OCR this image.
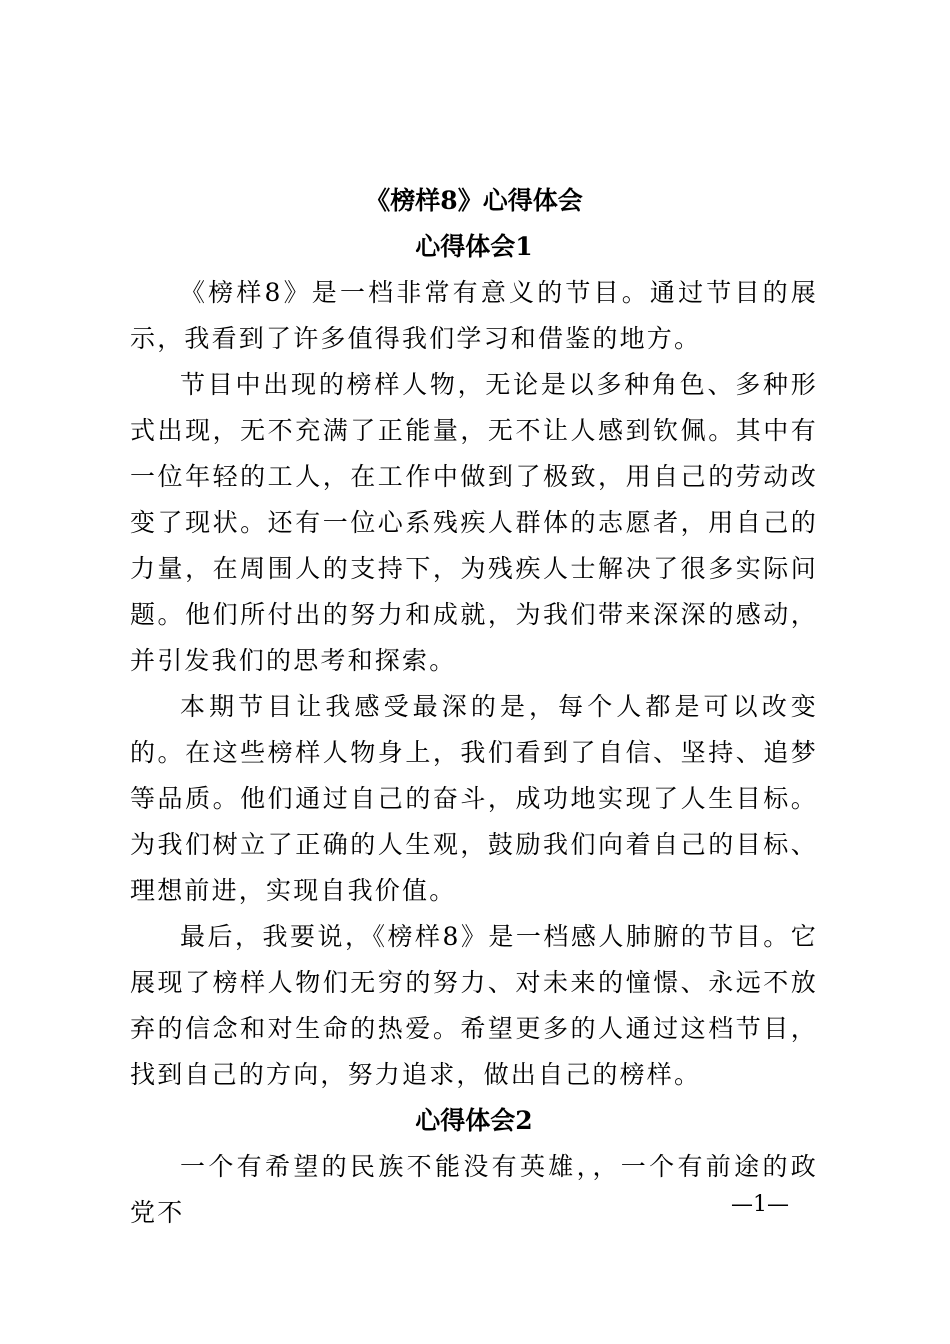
《榜样8》心得体会
心得体会1

《榜样8》是一档非常有意义的节目。通过节目的展示，我看到了许多值得我们学习和借鉴的地方。

节目中出现的榜样人物，无论是以多种角色、多种形式出现，无不充满了正能量，无不让人感到钦佩。其中有一位年轻的工人，在工作中做到了极致，用自己的劳动改变了现状。还有一位心系残疾人群体的志愿者，用自己的力量，在周围人的支持下，为残疾人士解决了很多实际问题。他们所付出的努力和成就，为我们带来深深的感动，并引发我们的思考和探索。

本期节目让我感受最深的是，每个人都是可以改变的。在这些榜样人物身上，我们看到了自信、坚持、追梦等品质。他们通过自己的奋斗，成功地实现了人生目标。为我们树立了正确的人生观，鼓励我们向着自己的目标、理想前进，实现自我价值。

最后，我要说，《榜样8》是一档感人肺腑的节目。它展现了榜样人物们无穷的努力、对未来的憧憬、永远不放弃的信念和对生命的热爱。希望更多的人通过这档节目，找到自己的方向，努力追求，做出自己的榜样。

心得体会2

一个有希望的民族不能没有英雄，，一个有前途的政党不	—1—
